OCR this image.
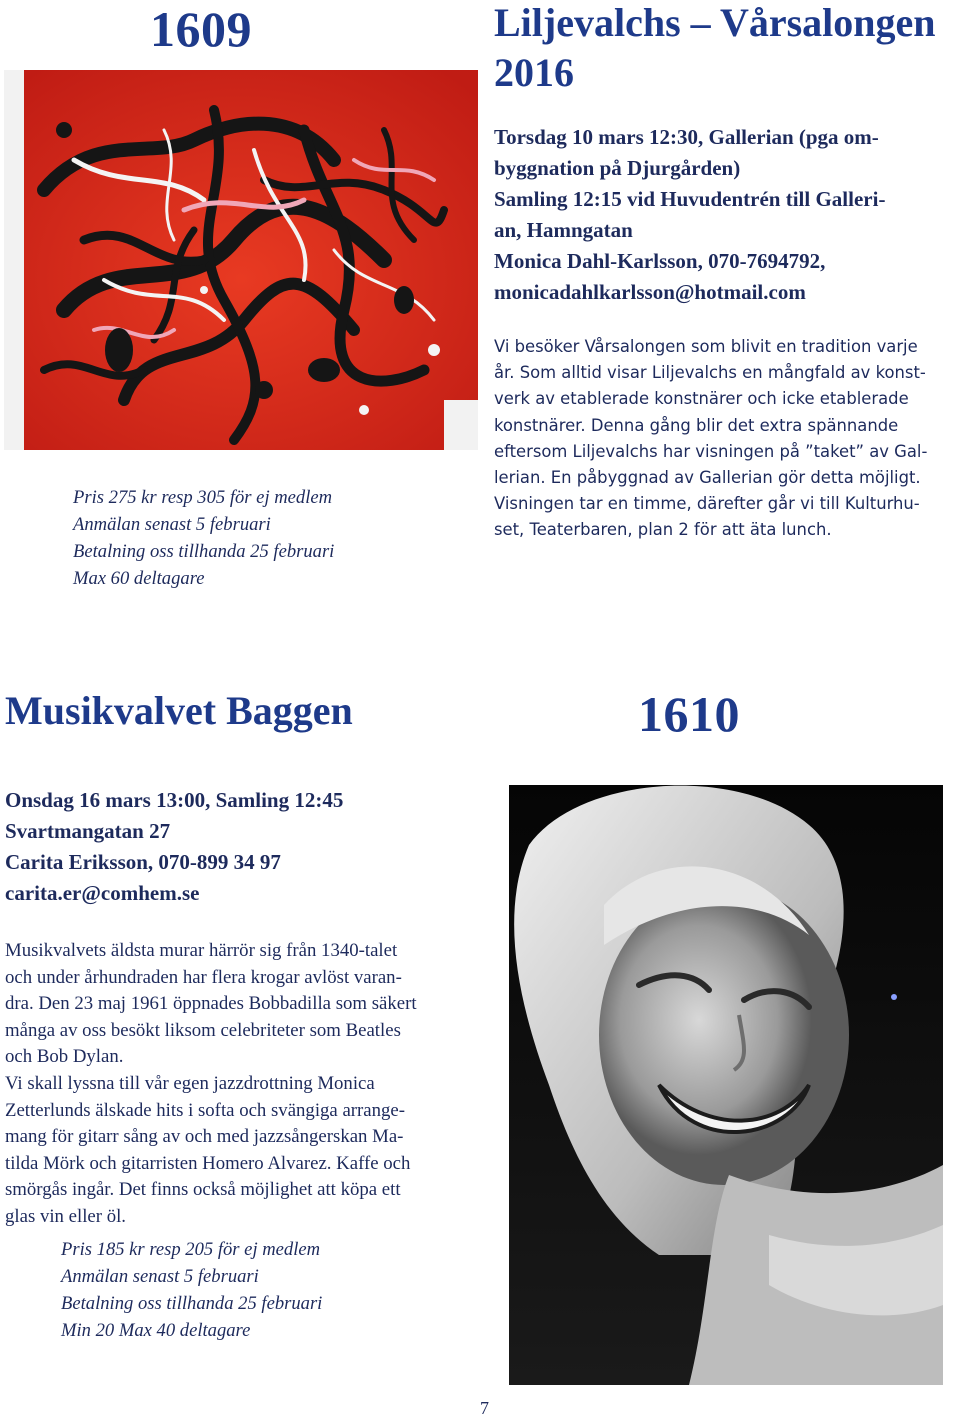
1609	Liljevalchs – Vårsalongen
2016
Torsdag 10 mars 12:30, Gallerian (pga om-
byggnation på Djurgården)
Samling 12:15 vid Huvudentrén till Galleri-
an, Hamngatan
Monica Dahl-Karlsson, 070-7694792,
monicadahlkarlsson@hotmail.com
Vi besöker Vårsalongen som blivit en tradition varje
år. Som alltid visar Liljevalchs en mångfald av konst-
verk av etablerade konstnärer och icke etablerade
konstnärer. Denna gång blir det extra spännande
eftersom Liljevalchs har visningen på ”taket” av Gal-
lerian. En påbyggnad av Gallerian gör detta möjligt.
Visningen tar en timme, därefter går vi till Kulturhu-
set, Teaterbaren, plan 2 för att äta lunch.
Pris 275 kr resp 305 för ej medlem
Anmälan senast 5 februari
Betalning oss tillhanda 25 februari
Max 60 deltagare
Musikvalvet Baggen	1610
Onsdag 16 mars 13:00, Samling 12:45
Svartmangatan 27
Carita Eriksson, 070-899 34 97
carita.er@comhem.se
Musikvalvets äldsta murar härrör sig från 1340-talet
och under århundraden har flera krogar avlöst varan-
dra. Den 23 maj 1961 öppnades Bobbadilla som säkert
många av oss besökt liksom celebriteter som Beatles
och Bob Dylan.
Vi skall lyssna till vår egen jazzdrottning Monica
Zetterlunds älskade hits i softa och svängiga arrange-
mang för gitarr sång av och med jazzsångerskan Ma-
tilda Mörk och gitarristen Homero Alvarez. Kaffe och
smörgås ingår. Det finns också möjlighet att köpa ett
glas vin eller öl.
Pris 185 kr resp 205 för ej medlem
Anmälan senast 5 februari
Betalning oss tillhanda 25 februari
Min 20 Max 40 deltagare
7
